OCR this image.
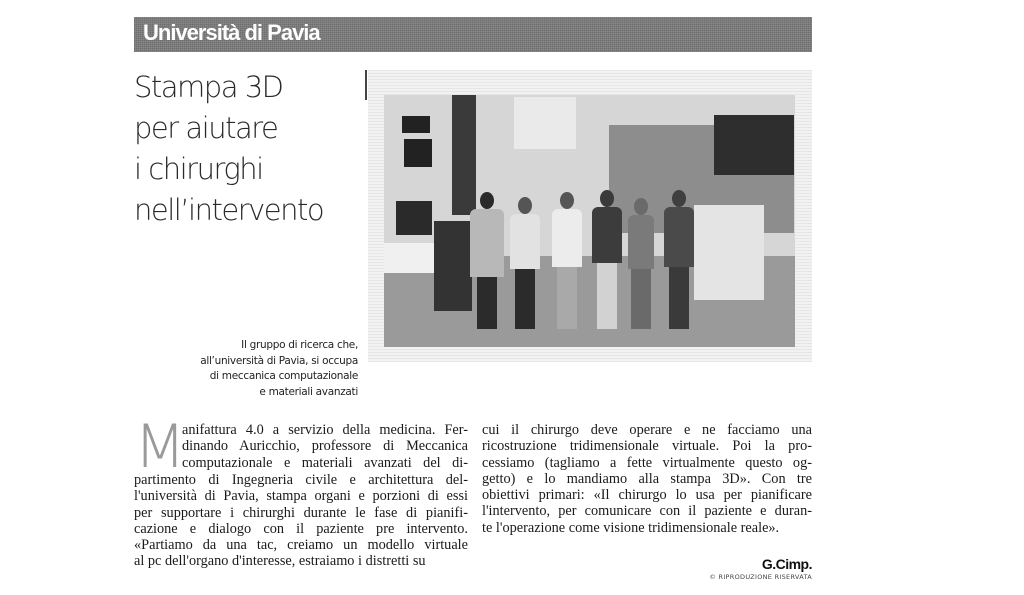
Università di Pavia
Stampa 3D
per aiutare
i chirurghi
nell’intervento
Il gruppo di ricerca che,
all’università di Pavia, si occupa
di meccanica computazionale
e materiali avanzati
M
anifattura 4.0 a servizio della medicina. Fer-
dinando Auricchio, professore di Meccanica
computazionale e materiali avanzati del di-
partimento di Ingegneria civile e architettura del-
l'università di Pavia, stampa organi e porzioni di essi
per supportare i chirurghi durante le fase di pianifi-
cazione e dialogo con il paziente pre intervento.
«Partiamo da una tac, creiamo un modello virtuale
al pc dell'organo d'interesse, estraiamo i distretti su
cui il chirurgo deve operare e ne facciamo una
ricostruzione tridimensionale virtuale. Poi la pro-
cessiamo (tagliamo a fette virtualmente questo og-
getto) e lo mandiamo alla stampa 3D». Con tre
obiettivi primari: «Il chirurgo lo usa per pianificare
l'intervento, per comunicare con il paziente e duran-
te l'operazione come visione tridimensionale reale».
G.Cimp.
© RIPRODUZIONE RISERVATA
